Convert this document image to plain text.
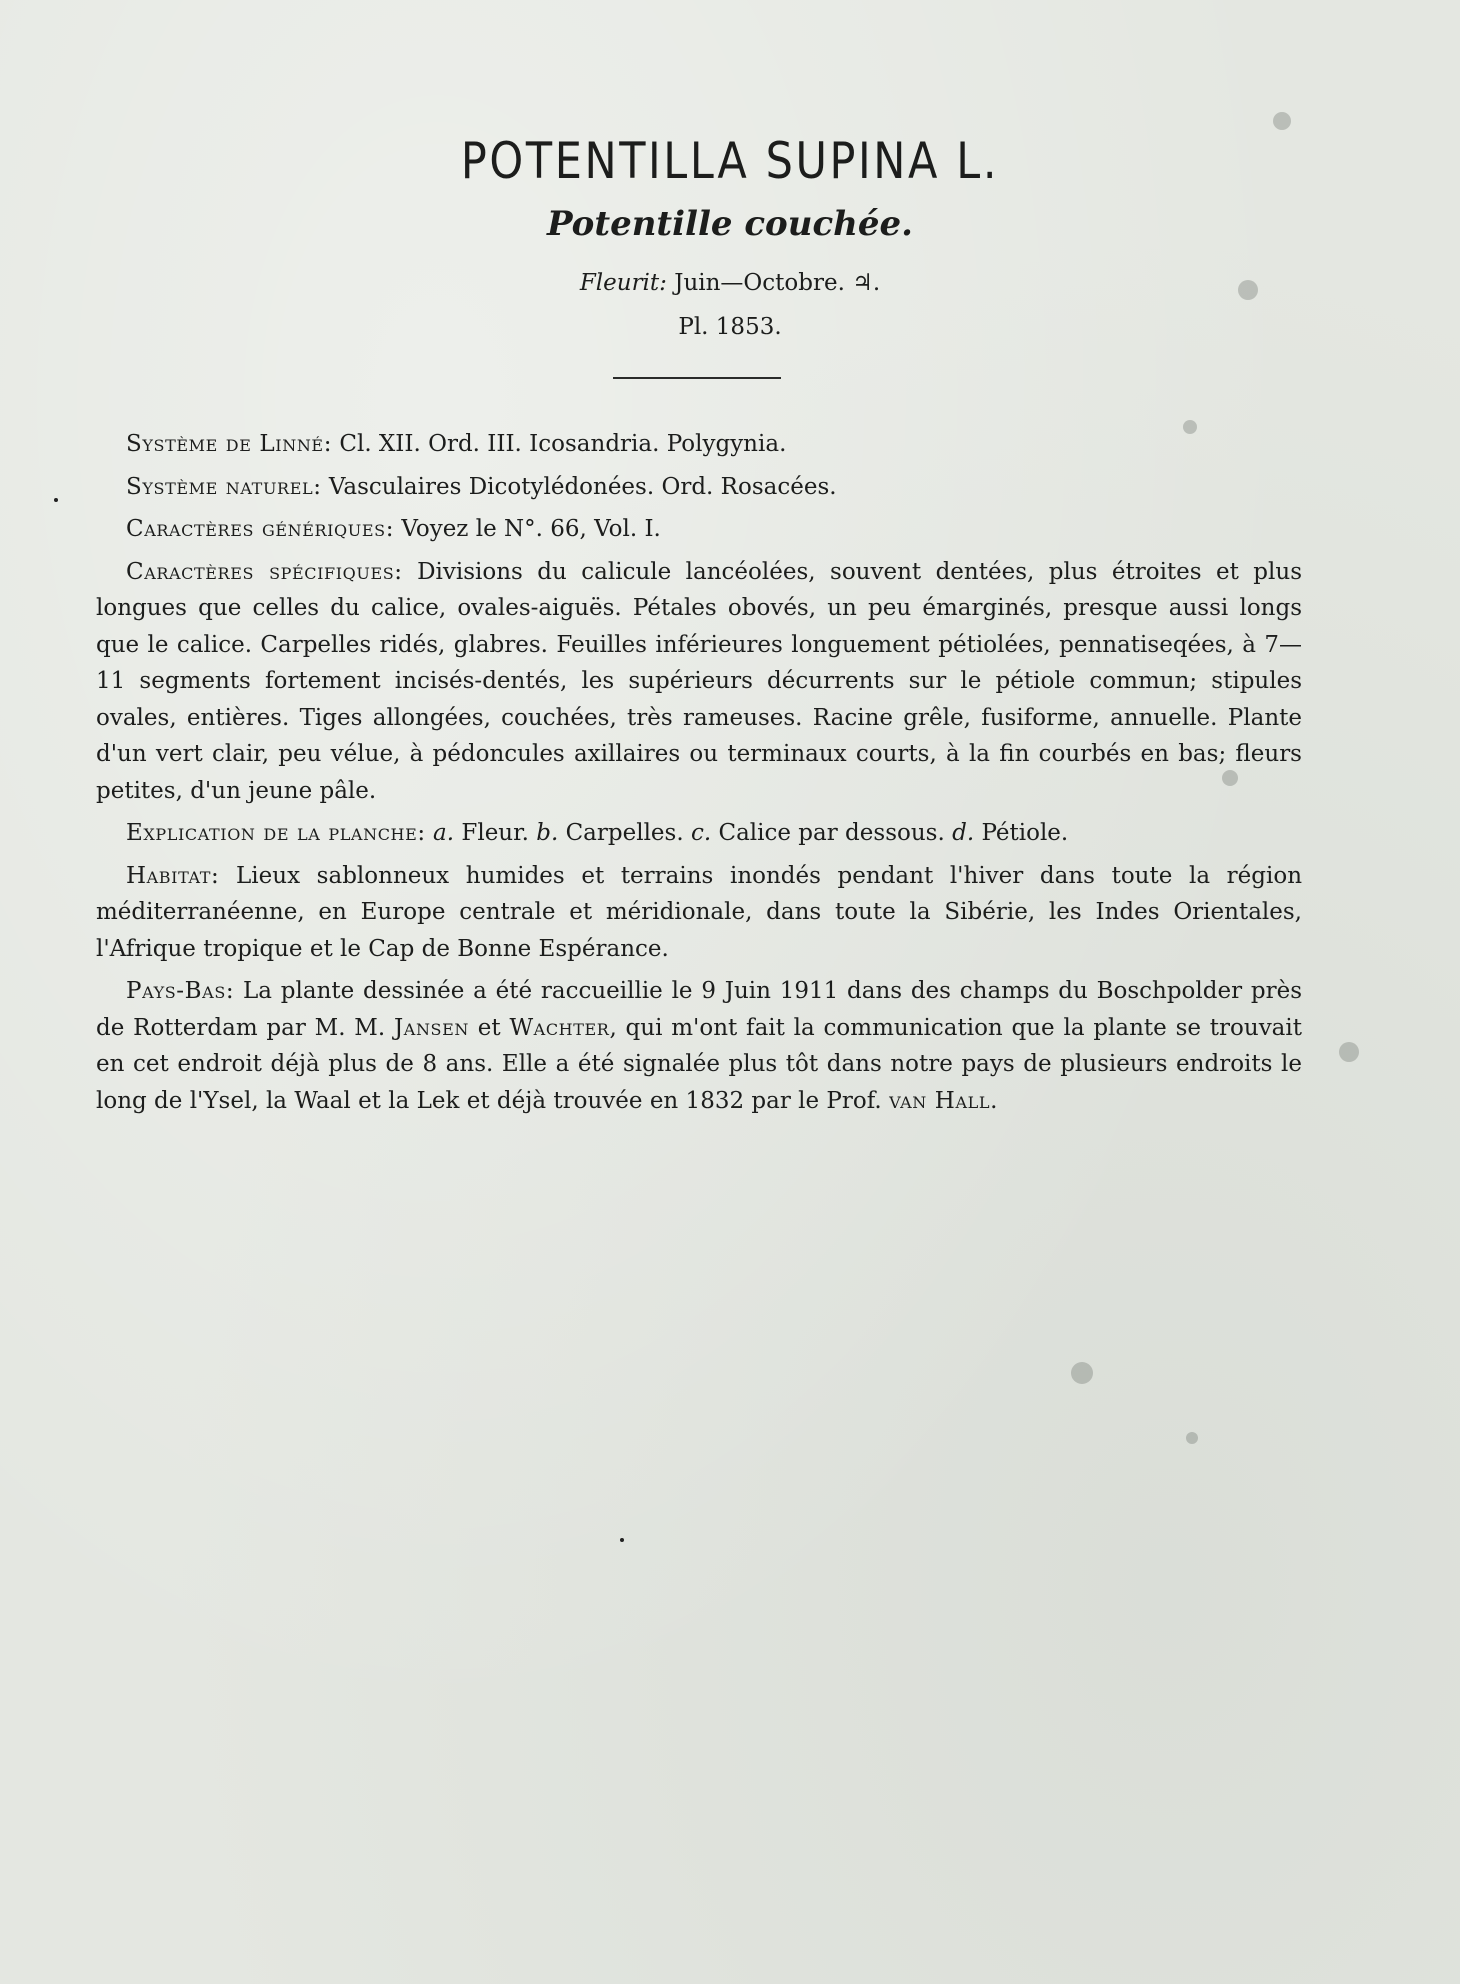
POTENTILLA SUPINA L.
Potentille couchée.
Fleurit: Juin—Octobre. ♃.
Pl. 1853.

Système de Linné: Cl. XII. Ord. III. Icosandria. Polygynia.

Système naturel: Vasculaires Dicotylédonées. Ord. Rosacées.

Caractères génériques: Voyez le N°. 66, Vol. I.

Caractères spécifiques: Divisions du calicule lancéolées, souvent dentées, plus étroites et plus longues que celles du calice, ovales-aiguës. Pétales obovés, un peu émarginés, presque aussi longs que le calice. Carpelles ridés, glabres. Feuilles inférieures longuement pétiolées, pennatiseqées, à 7—11 segments fortement incisés-dentés, les supérieurs décurrents sur le pétiole commun; stipules ovales, entières. Tiges allongées, couchées, très rameuses. Racine grêle, fusiforme, annuelle. Plante d'un vert clair, peu vélue, à pédoncules axillaires ou terminaux courts, à la fin courbés en bas; fleurs petites, d'un jeune pâle.

Explication de la planche: a. Fleur. b. Carpelles. c. Calice par dessous. d. Pétiole.

Habitat: Lieux sablonneux humides et terrains inondés pendant l'hiver dans toute la région méditerranéenne, en Europe centrale et méridionale, dans toute la Sibérie, les Indes Orientales, l'Afrique tropique et le Cap de Bonne Espérance.

Pays-Bas: La plante dessinée a été raccueillie le 9 Juin 1911 dans des champs du Boschpolder près de Rotterdam par M. M. Jansen et Wachter, qui m'ont fait la communication que la plante se trouvait en cet endroit déjà plus de 8 ans. Elle a été signalée plus tôt dans notre pays de plusieurs endroits le long de l'Ysel, la Waal et la Lek et déjà trouvée en 1832 par le Prof. van Hall.
